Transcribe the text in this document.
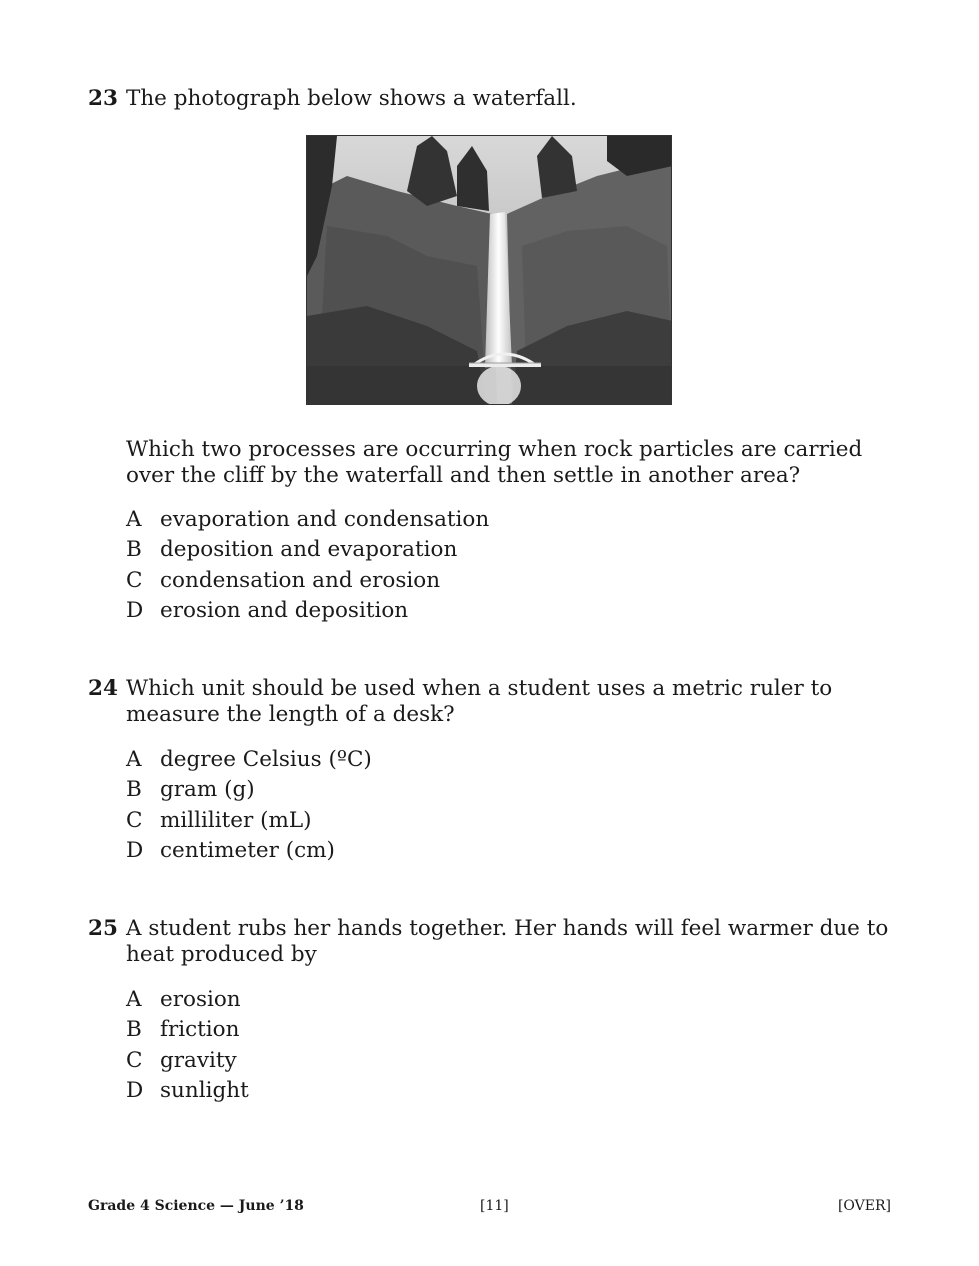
23 The photograph below shows a waterfall.
Which two processes are occurring when rock particles are carried over the cliff by the waterfall and then settle in another area?
A evaporation and condensation
B deposition and evaporation
C condensation and erosion
D erosion and deposition
24 Which unit should be used when a student uses a metric ruler to measure the length of a desk?
A degree Celsius (ºC)
B gram (g)
C milliliter (mL)
D centimeter (cm)
25 A student rubs her hands together. Her hands will feel warmer due to heat produced by
A erosion
B friction
C gravity
D sunlight
Grade 4 Science — June ’18	[11]	[OVER]
